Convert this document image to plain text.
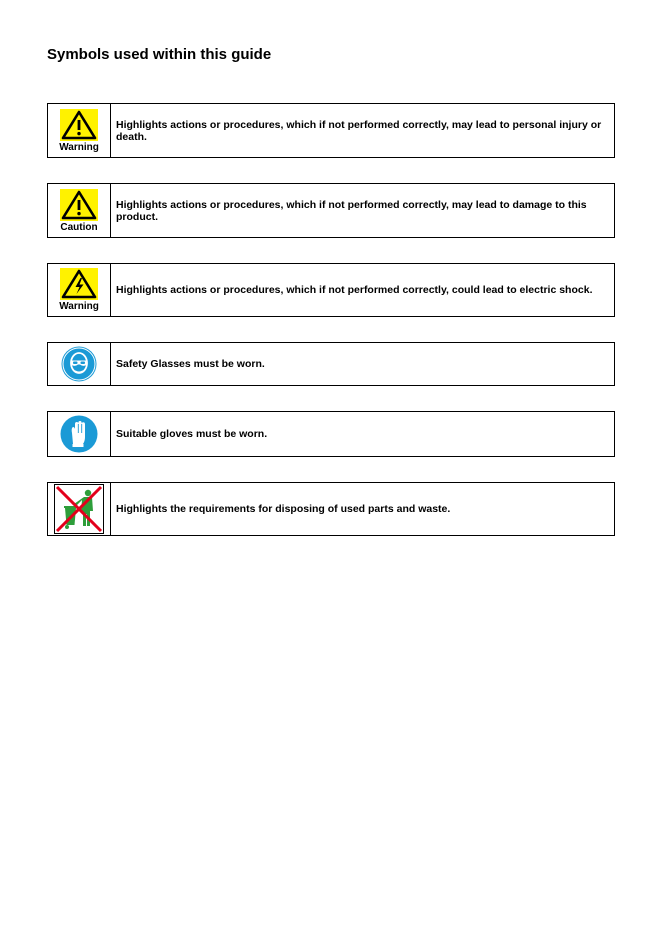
Symbols used within this guide
Warning
Highlights actions or procedures, which if not performed correctly, may lead to personal injury or death.
Caution
Highlights actions or procedures, which if not performed correctly, may lead to damage to this product.
Warning
Highlights actions or procedures, which if not performed correctly, could lead to electric shock.
Safety Glasses must be worn.
Suitable gloves must be worn.
Highlights the requirements for disposing of used parts and waste.
